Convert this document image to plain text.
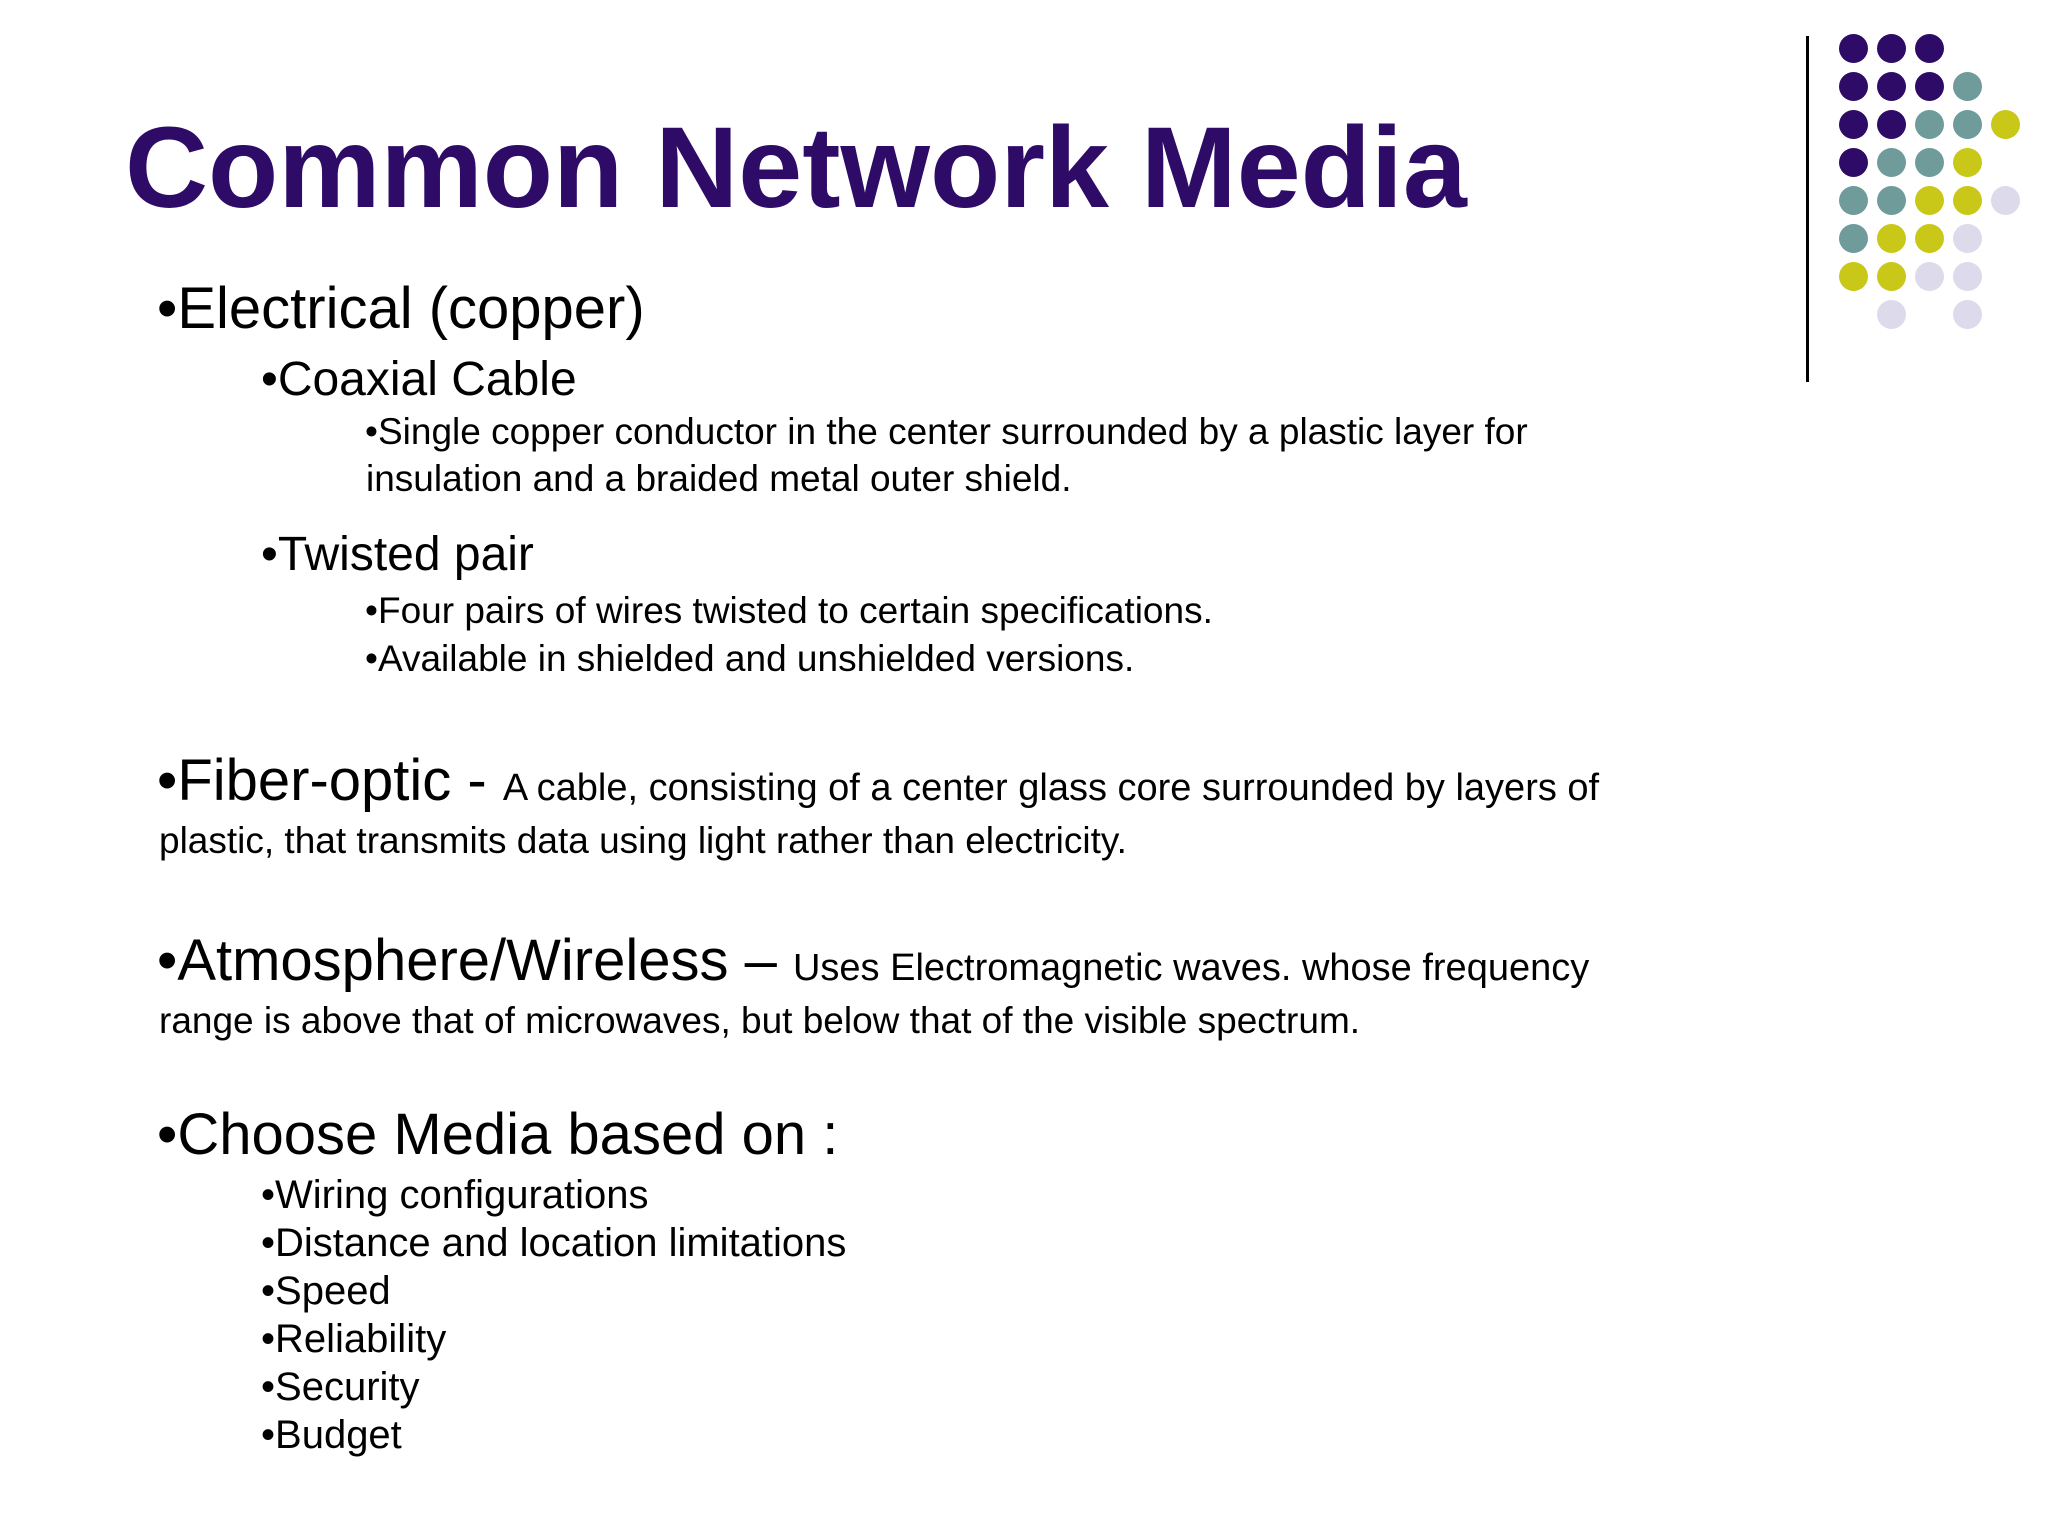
Common Network Media
• Electrical (copper)
• Coaxial Cable
• Single copper conductor in the center surrounded by a plastic layer for
insulation and a braided metal outer shield.
• Twisted pair
• Four pairs of wires twisted to certain specifications.
• Available in shielded and unshielded versions.
• Fiber-optic - A cable, consisting of a center glass core surrounded by layers of
plastic, that transmits data using light rather than electricity.
• Atmosphere/Wireless – Uses Electromagnetic waves. whose frequency
range is above that of microwaves, but below that of the visible spectrum.
• Choose Media based on :
• Wiring configurations
• Distance and location limitations
• Speed
• Reliability
• Security
• Budget
